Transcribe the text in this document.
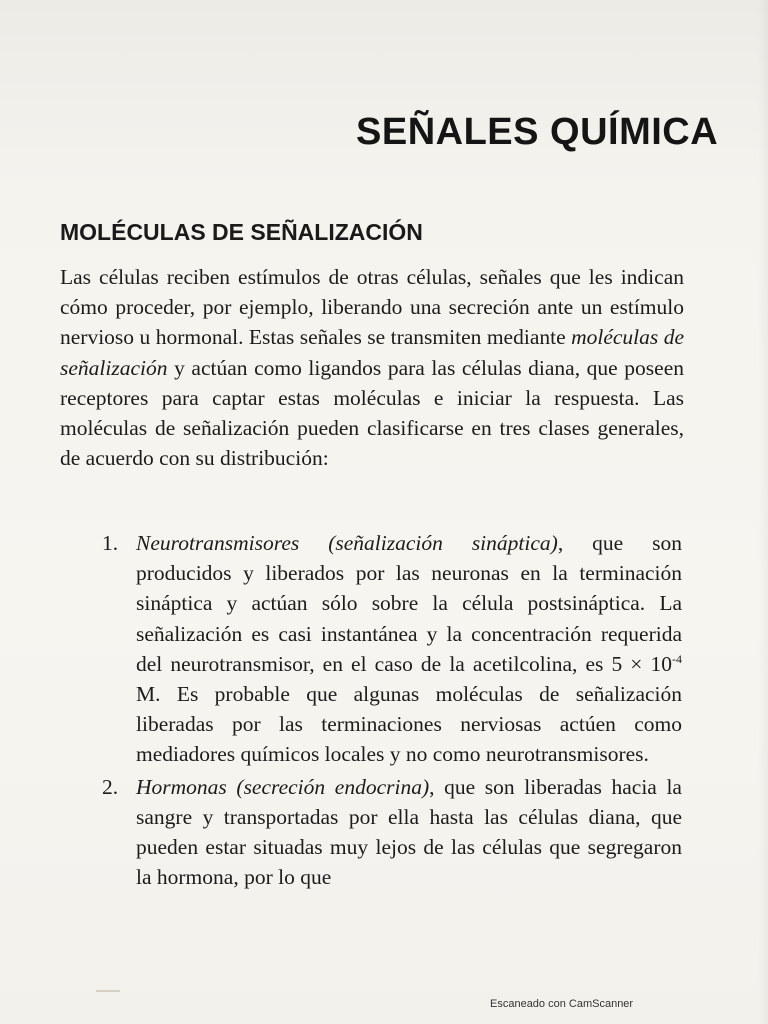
SEÑALES QUÍMICA
MOLÉCULAS DE SEÑALIZACIÓN

Las células reciben estímulos de otras células, señales que les indican cómo proceder, por ejemplo, liberando una secreción ante un estímulo nervioso u hormonal. Estas señales se transmiten mediante moléculas de señalización y actúan como ligandos para las células diana, que poseen receptores para captar estas moléculas e iniciar la respuesta. Las moléculas de señalización pueden clasificarse en tres clases generales, de acuerdo con su distribución:

1. Neurotransmisores (señalización sináptica), que son producidos y liberados por las neuronas en la terminación sináptica y actúan sólo sobre la célula postsináptica. La señalización es casi instantánea y la concentración requerida del neurotransmisor, en el caso de la acetilcolina, es $5 \times 10^{-4}$ M. Es probable que algunas moléculas de señalización liberadas por las terminaciones nerviosas actúen como mediadores químicos locales y no como neurotransmisores.
2. Hormonas (secreción endocrina), que son liberadas hacia la sangre y transportadas por ella hasta las células diana, que pueden estar situadas muy lejos de las células que segregaron la hormona, por lo que
Escaneado con CamScanner
